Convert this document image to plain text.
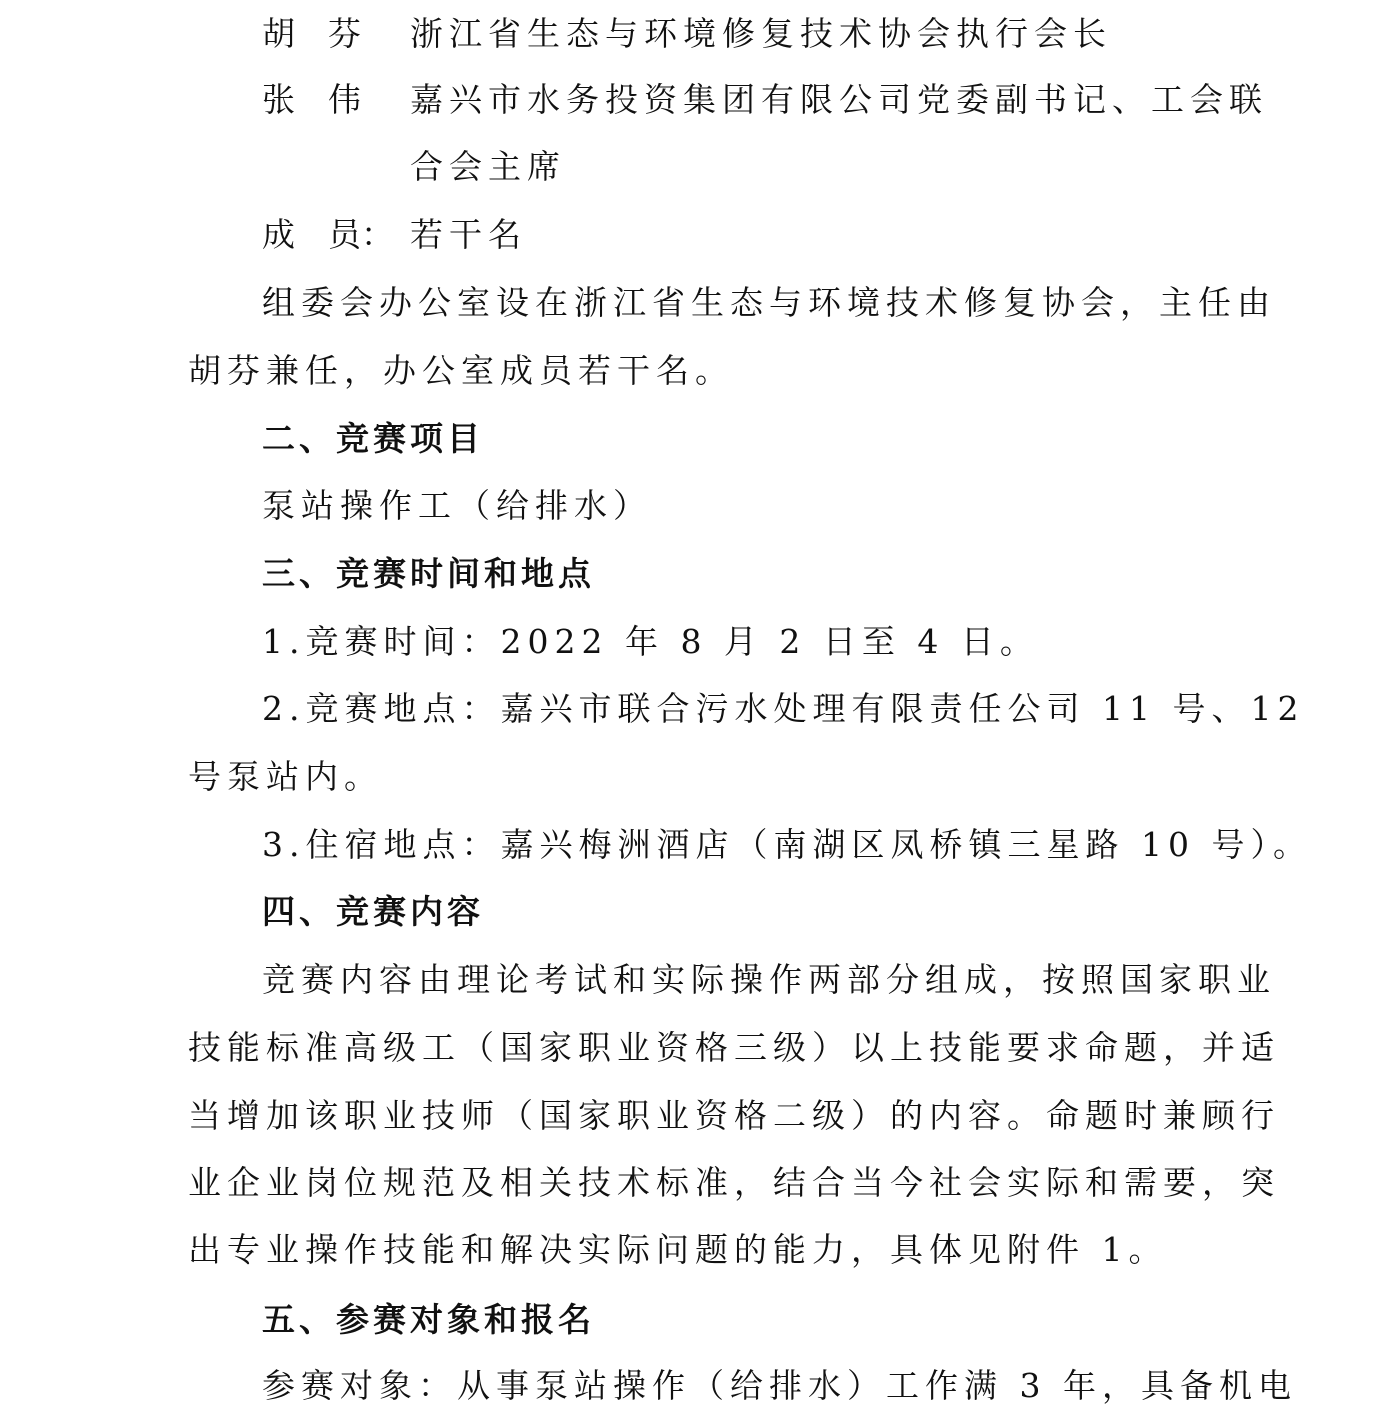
胡　芬	浙江省生态与环境修复技术协会执行会长
张　伟	嘉兴市水务投资集团有限公司党委副书记、工会联
合会主席
成　员： 若干名
组委会办公室设在浙江省生态与环境技术修复协会，主任由
胡芬兼任，办公室成员若干名。
二、竞赛项目
泵站操作工（给排水）
三、竞赛时间和地点
1.竞赛时间：2022 年 8 月 2 日至 4 日。
2.竞赛地点：嘉兴市联合污水处理有限责任公司 11 号、12
号泵站内。
3.住宿地点：嘉兴梅洲酒店（南湖区凤桥镇三星路 10 号）。
四、竞赛内容
竞赛内容由理论考试和实际操作两部分组成，按照国家职业
技能标准高级工（国家职业资格三级）以上技能要求命题，并适
当增加该职业技师（国家职业资格二级）的内容。命题时兼顾行
业企业岗位规范及相关技术标准，结合当今社会实际和需要，突
出专业操作技能和解决实际问题的能力，具体见附件 1。
五、参赛对象和报名
参赛对象：从事泵站操作（给排水）工作满 3 年，具备机电
